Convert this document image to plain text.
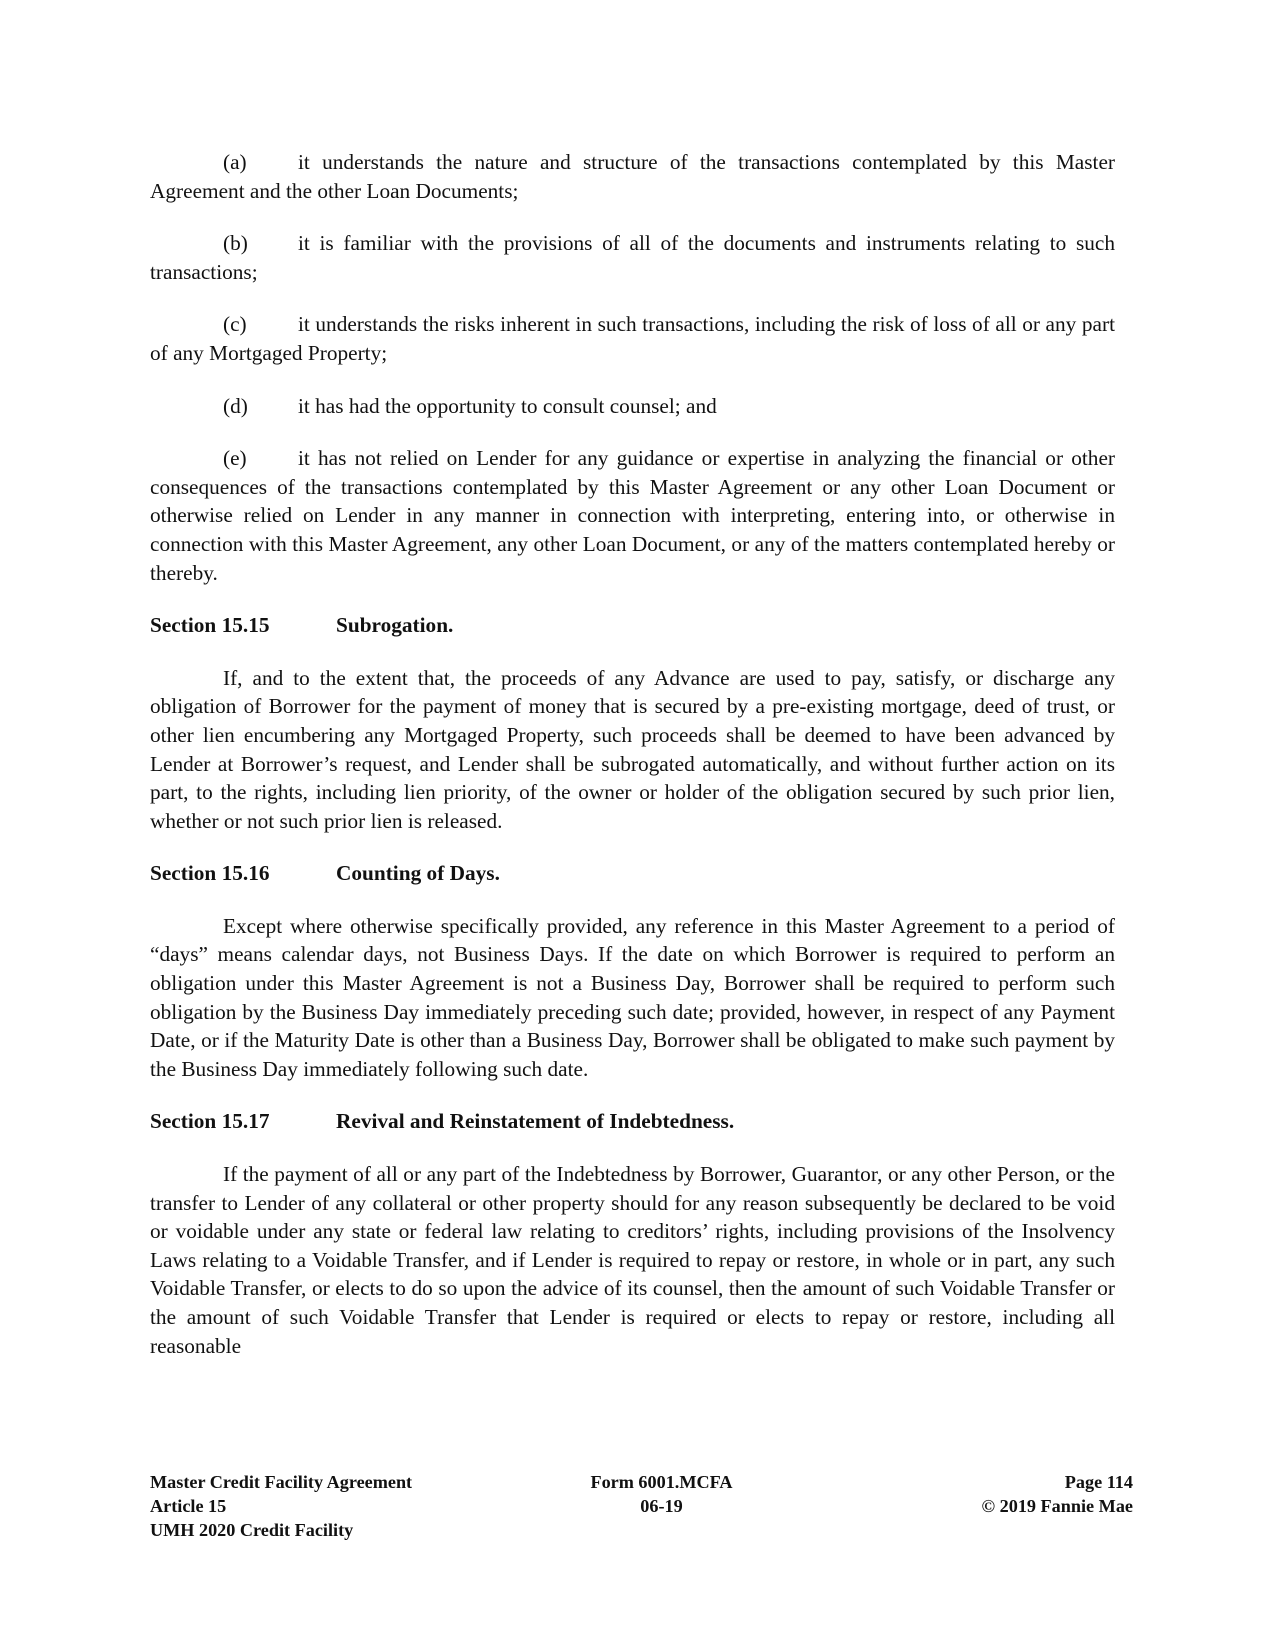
(a) it understands the nature and structure of the transactions contemplated by this Master Agreement and the other Loan Documents;

(b) it is familiar with the provisions of all of the documents and instruments relating to such transactions;

(c) it understands the risks inherent in such transactions, including the risk of loss of all or any part of any Mortgaged Property;

(d) it has had the opportunity to consult counsel; and

(e) it has not relied on Lender for any guidance or expertise in analyzing the financial or other consequences of the transactions contemplated by this Master Agreement or any other Loan Document or otherwise relied on Lender in any manner in connection with interpreting, entering into, or otherwise in connection with this Master Agreement, any other Loan Document, or any of the matters contemplated hereby or thereby.

Section 15.15	Subrogation.

If, and to the extent that, the proceeds of any Advance are used to pay, satisfy, or discharge any obligation of Borrower for the payment of money that is secured by a pre-existing mortgage, deed of trust, or other lien encumbering any Mortgaged Property, such proceeds shall be deemed to have been advanced by Lender at Borrower’s request, and Lender shall be subrogated automatically, and without further action on its part, to the rights, including lien priority, of the owner or holder of the obligation secured by such prior lien, whether or not such prior lien is released.

Section 15.16	Counting of Days.

Except where otherwise specifically provided, any reference in this Master Agreement to a period of “days” means calendar days, not Business Days. If the date on which Borrower is required to perform an obligation under this Master Agreement is not a Business Day, Borrower shall be required to perform such obligation by the Business Day immediately preceding such date; provided, however, in respect of any Payment Date, or if the Maturity Date is other than a Business Day, Borrower shall be obligated to make such payment by the Business Day immediately following such date.

Section 15.17	Revival and Reinstatement of Indebtedness.

If the payment of all or any part of the Indebtedness by Borrower, Guarantor, or any other Person, or the transfer to Lender of any collateral or other property should for any reason subsequently be declared to be void or voidable under any state or federal law relating to creditors’ rights, including provisions of the Insolvency Laws relating to a Voidable Transfer, and if Lender is required to repay or restore, in whole or in part, any such Voidable Transfer, or elects to do so upon the advice of its counsel, then the amount of such Voidable Transfer or the amount of such Voidable Transfer that Lender is required or elects to repay or restore, including all reasonable

Master Credit Facility Agreement
Article 15
UMH 2020 Credit Facility
Form 6001.MCFA
06-19
Page 114
© 2019 Fannie Mae
